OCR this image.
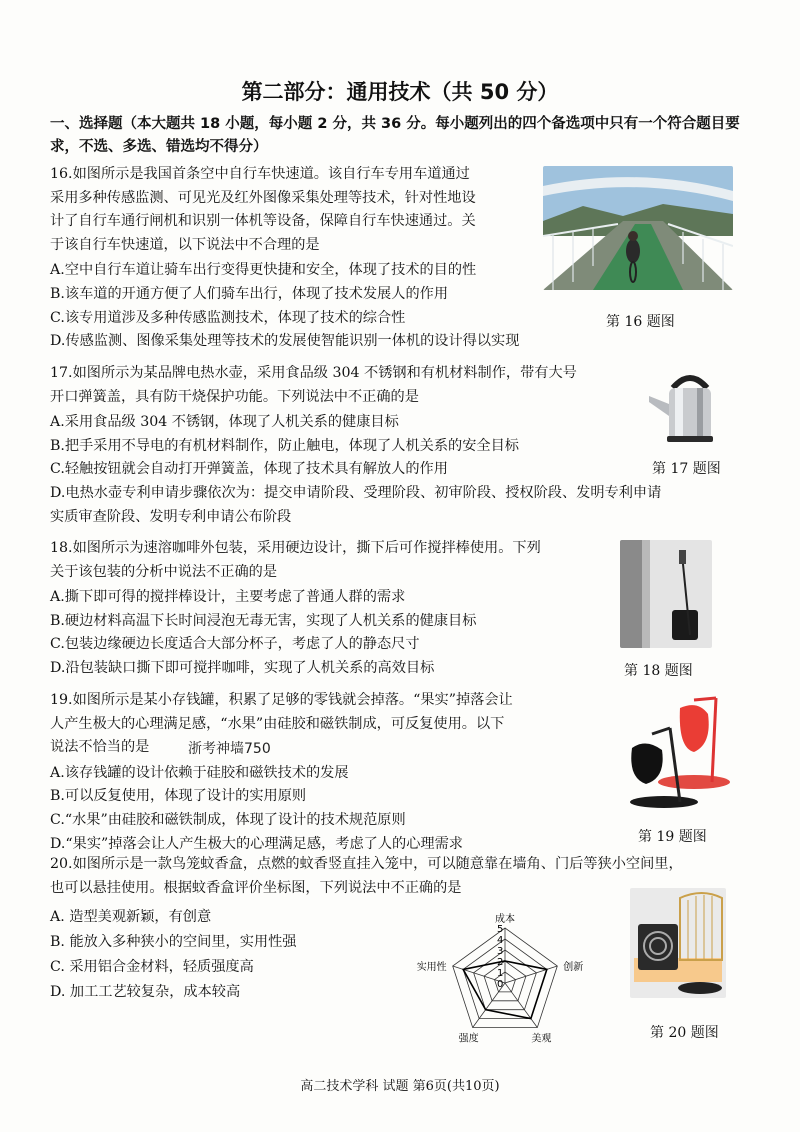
第二部分：通用技术（共 50 分）
一、选择题（本大题共 18 小题，每小题 2 分，共 36 分。每小题列出的四个备选项中只有一个符合题目要求，不选、多选、错选均不得分）
16.如图所示是我国首条空中自行车快速道。该自行车专用车道通过
采用多种传感监测、可见光及红外图像采集处理等技术，针对性地设
计了自行车通行闸机和识别一体机等设备，保障自行车快速通过。关
于该自行车快速道，以下说法中不合理的是
A.空中自行车道让骑车出行变得更快捷和安全，体现了技术的目的性
B.该车道的开通方便了人们骑车出行，体现了技术发展人的作用
C.该专用道涉及多种传感监测技术，体现了技术的综合性
D.传感监测、图像采集处理等技术的发展使智能识别一体机的设计得以实现
第 16 题图
17.如图所示为某品牌电热水壶，采用食品级 304 不锈钢和有机材料制作，带有大号
开口弹簧盖，具有防干烧保护功能。下列说法中不正确的是
A.采用食品级 304 不锈钢，体现了人机关系的健康目标
B.把手采用不导电的有机材料制作，防止触电，体现了人机关系的安全目标
C.轻触按钮就会自动打开弹簧盖，体现了技术具有解放人的作用
D.电热水壶专利申请步骤依次为：提交申请阶段、受理阶段、初审阶段、授权阶段、发明专利申请
实质审查阶段、发明专利申请公布阶段
第 17 题图
18.如图所示为速溶咖啡外包装，采用硬边设计，撕下后可作搅拌棒使用。下列
关于该包装的分析中说法不正确的是
A.撕下即可得的搅拌棒设计，主要考虑了普通人群的需求
B.硬边材料高温下长时间浸泡无毒无害，实现了人机关系的健康目标
C.包装边缘硬边长度适合大部分杯子，考虑了人的静态尺寸
D.沿包装缺口撕下即可搅拌咖啡，实现了人机关系的高效目标	第 18 题图
19.如图所示是某小存钱罐，积累了足够的零钱就会掉落。“果实”掉落会让
人产生极大的心理满足感，“水果”由硅胶和磁铁制成，可反复使用。以下
说法不恰当的是
A.该存钱罐的设计依赖于硅胶和磁铁技术的发展
B.可以反复使用，体现了设计的实用原则
C.“水果”由硅胶和磁铁制成，体现了设计的技术规范原则
D.“果实”掉落会让人产生极大的心理满足感，考虑了人的心理需求
浙考神墙750
第 19 题图
20.如图所示是一款鸟笼蚊香盒，点燃的蚊香竖直挂入笼中，可以随意靠在墙角、门后等狭小空间里，
也可以悬挂使用。根据蚊香盒评价坐标图，下列说法中不正确的是
A. 造型美观新颖，有创意
B. 能放入多种狭小的空间里，实用性强
C. 采用铝合金材料，轻质强度高
D. 加工工艺较复杂，成本较高
5
4
3
2
1
0
成本
创新
美观
强度
实用性
第 20 题图
高二技术学科 试题 第6页(共10页)
